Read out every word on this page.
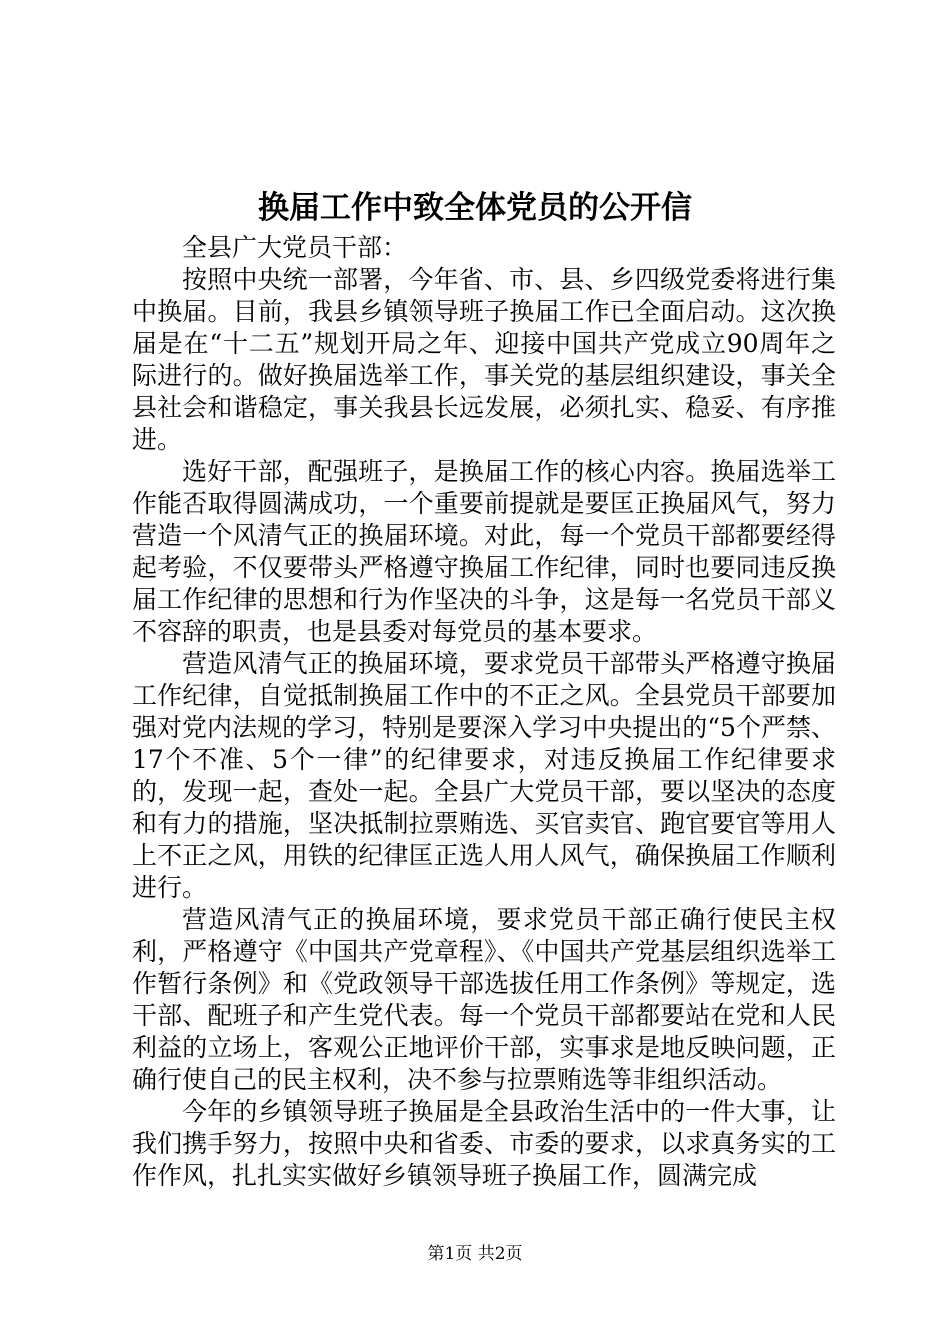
换届工作中致全体党员的公开信

全县广大党员干部：

按照中央统一部署，今年省、市、县、乡四级党委将进行集中换届。目前，我县乡镇领导班子换届工作已全面启动。这次换届是在“十二五”规划开局之年、迎接中国共产党成立90周年之际进行的。做好换届选举工作，事关党的基层组织建设，事关全县社会和谐稳定，事关我县长远发展，必须扎实、稳妥、有序推进。

选好干部，配强班子，是换届工作的核心内容。换届选举工作能否取得圆满成功，一个重要前提就是要匡正换届风气，努力营造一个风清气正的换届环境。对此，每一个党员干部都要经得起考验，不仅要带头严格遵守换届工作纪律，同时也要同违反换届工作纪律的思想和行为作坚决的斗争，这是每一名党员干部义不容辞的职责，也是县委对每党员的基本要求。

营造风清气正的换届环境，要求党员干部带头严格遵守换届工作纪律，自觉抵制换届工作中的不正之风。全县党员干部要加强对党内法规的学习，特别是要深入学习中央提出的“5个严禁、17个不准、5个一律”的纪律要求，对违反换届工作纪律要求的，发现一起，查处一起。全县广大党员干部，要以坚决的态度和有力的措施，坚决抵制拉票贿选、买官卖官、跑官要官等用人上不正之风，用铁的纪律匡正选人用人风气，确保换届工作顺利进行。

营造风清气正的换届环境，要求党员干部正确行使民主权利，严格遵守《中国共产党章程》、《中国共产党基层组织选举工作暂行条例》和《党政领导干部选拔任用工作条例》等规定，选干部、配班子和产生党代表。每一个党员干部都要站在党和人民利益的立场上，客观公正地评价干部，实事求是地反映问题，正确行使自己的民主权利，决不参与拉票贿选等非组织活动。

今年的乡镇领导班子换届是全县政治生活中的一件大事，让我们携手努力，按照中央和省委、市委的要求，以求真务实的工作作风，扎扎实实做好乡镇领导班子换届工作，圆满完成

第1页 共2页
